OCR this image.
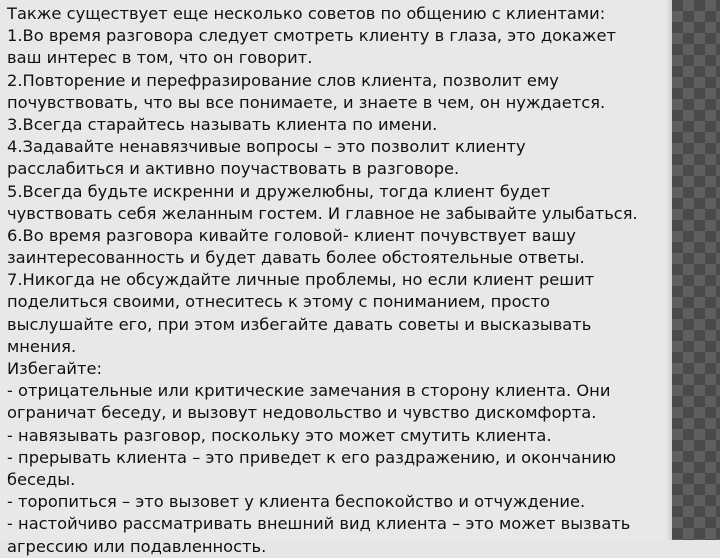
Также существует еще несколько советов по общению с клиентами:
1.Во время разговора следует смотреть клиенту в глаза, это докажет
ваш интерес в том, что он говорит.
2.Повторение и перефразирование слов клиента, позволит ему
почувствовать, что вы все понимаете, и знаете в чем, он нуждается.
3.Всегда старайтесь называть клиента по имени.
4.Задавайте ненавязчивые вопросы – это позволит клиенту
расслабиться и активно поучаствовать в разговоре.
5.Всегда будьте искренни и дружелюбны, тогда клиент будет
чувствовать себя желанным гостем. И главное не забывайте улыбаться.
6.Во время разговора кивайте головой- клиент почувствует вашу
заинтересованность и будет давать более обстоятельные ответы.
7.Никогда не обсуждайте личные проблемы, но если клиент решит
поделиться своими, отнеситесь к этому с пониманием, просто
выслушайте его, при этом избегайте давать советы и высказывать
мнения.
Избегайте:
- отрицательные или критические замечания в сторону клиента. Они
ограничат беседу, и вызовут недовольство и чувство дискомфорта.
- навязывать разговор, поскольку это может смутить клиента.
- прерывать клиента – это приведет к его раздражению, и окончанию
беседы.
- торопиться – это вызовет у клиента беспокойство и отчуждение.
- настойчиво рассматривать внешний вид клиента – это может вызвать
агрессию или подавленность.
